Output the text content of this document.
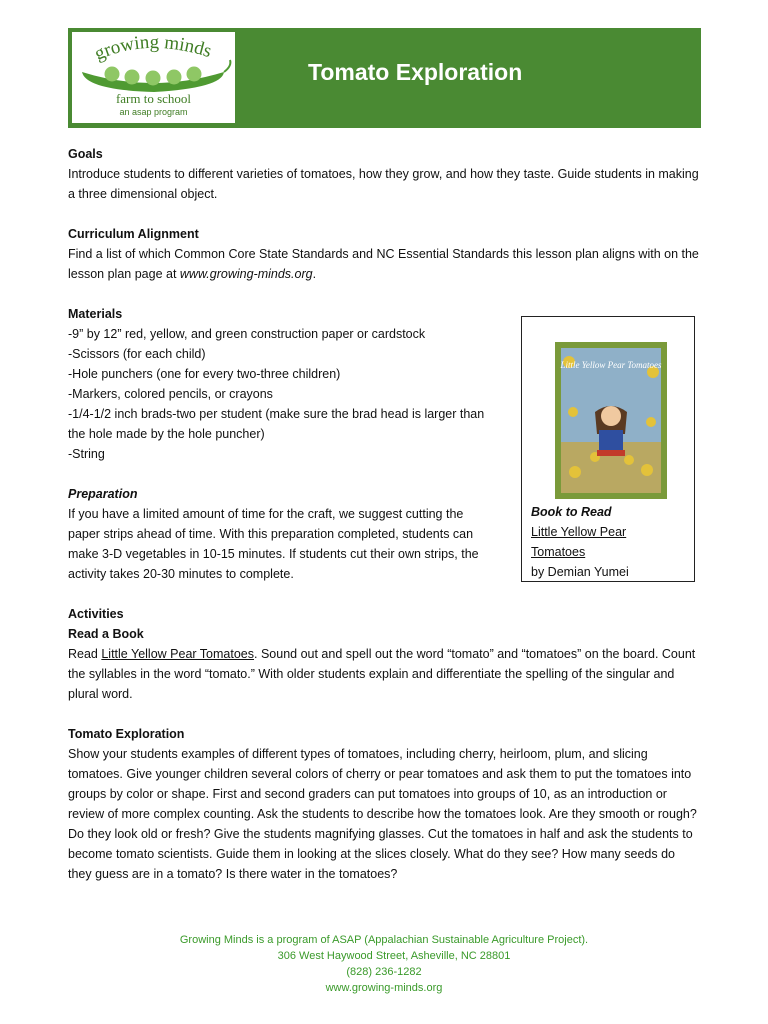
growing minds
farm to school
an asap program
Tomato Exploration

Goals

Introduce students to different varieties of tomatoes, how they grow, and how they taste. Guide students in making a three dimensional object.

Curriculum Alignment

Find a list of which Common Core State Standards and NC Essential Standards this lesson plan aligns with on the lesson plan page at www.growing-minds.org.

Materials

-9” by 12” red, yellow, and green construction paper or cardstock

-Scissors (for each child)

-Hole punchers (one for every two-three children)

-Markers, colored pencils, or crayons

-1/4-1/2 inch brads-two per student (make sure the brad head is larger than the hole made by the hole puncher)

-String

Preparation

If you have a limited amount of time for the craft, we suggest cutting the paper strips ahead of time. With this preparation completed, students can make 3-D vegetables in 10-15 minutes. If students cut their own strips, the activity takes 20-30 minutes to complete.

Activities

Read a Book

Read Little Yellow Pear Tomatoes. Sound out and spell out the word “tomato” and “tomatoes” on the board. Count the syllables in the word “tomato.” With older students explain and differentiate the spelling of the singular and plural word.

Tomato Exploration

Show your students examples of different types of tomatoes, including cherry, heirloom, plum, and slicing tomatoes. Give younger children several colors of cherry or pear tomatoes and ask them to put the tomatoes into groups by color or shape. First and second graders can put tomatoes into groups of 10, as an introduction or review of more complex counting. Ask the students to describe how the tomatoes look. Are they smooth or rough? Do they look old or fresh? Give the students magnifying glasses. Cut the tomatoes in half and ask the students to become tomato scientists. Guide them in looking at the slices closely. What do they see? How many seeds do they guess are in a tomato? Is there water in the tomatoes?

Little Yellow Pear Tomatoes

Book to Read

Little Yellow Pear Tomatoes

by Demian Yumei

Growing Minds is a program of ASAP (Appalachian Sustainable Agriculture Project).
306 West Haywood Street, Asheville, NC 28801
(828) 236-1282
www.growing-minds.org
